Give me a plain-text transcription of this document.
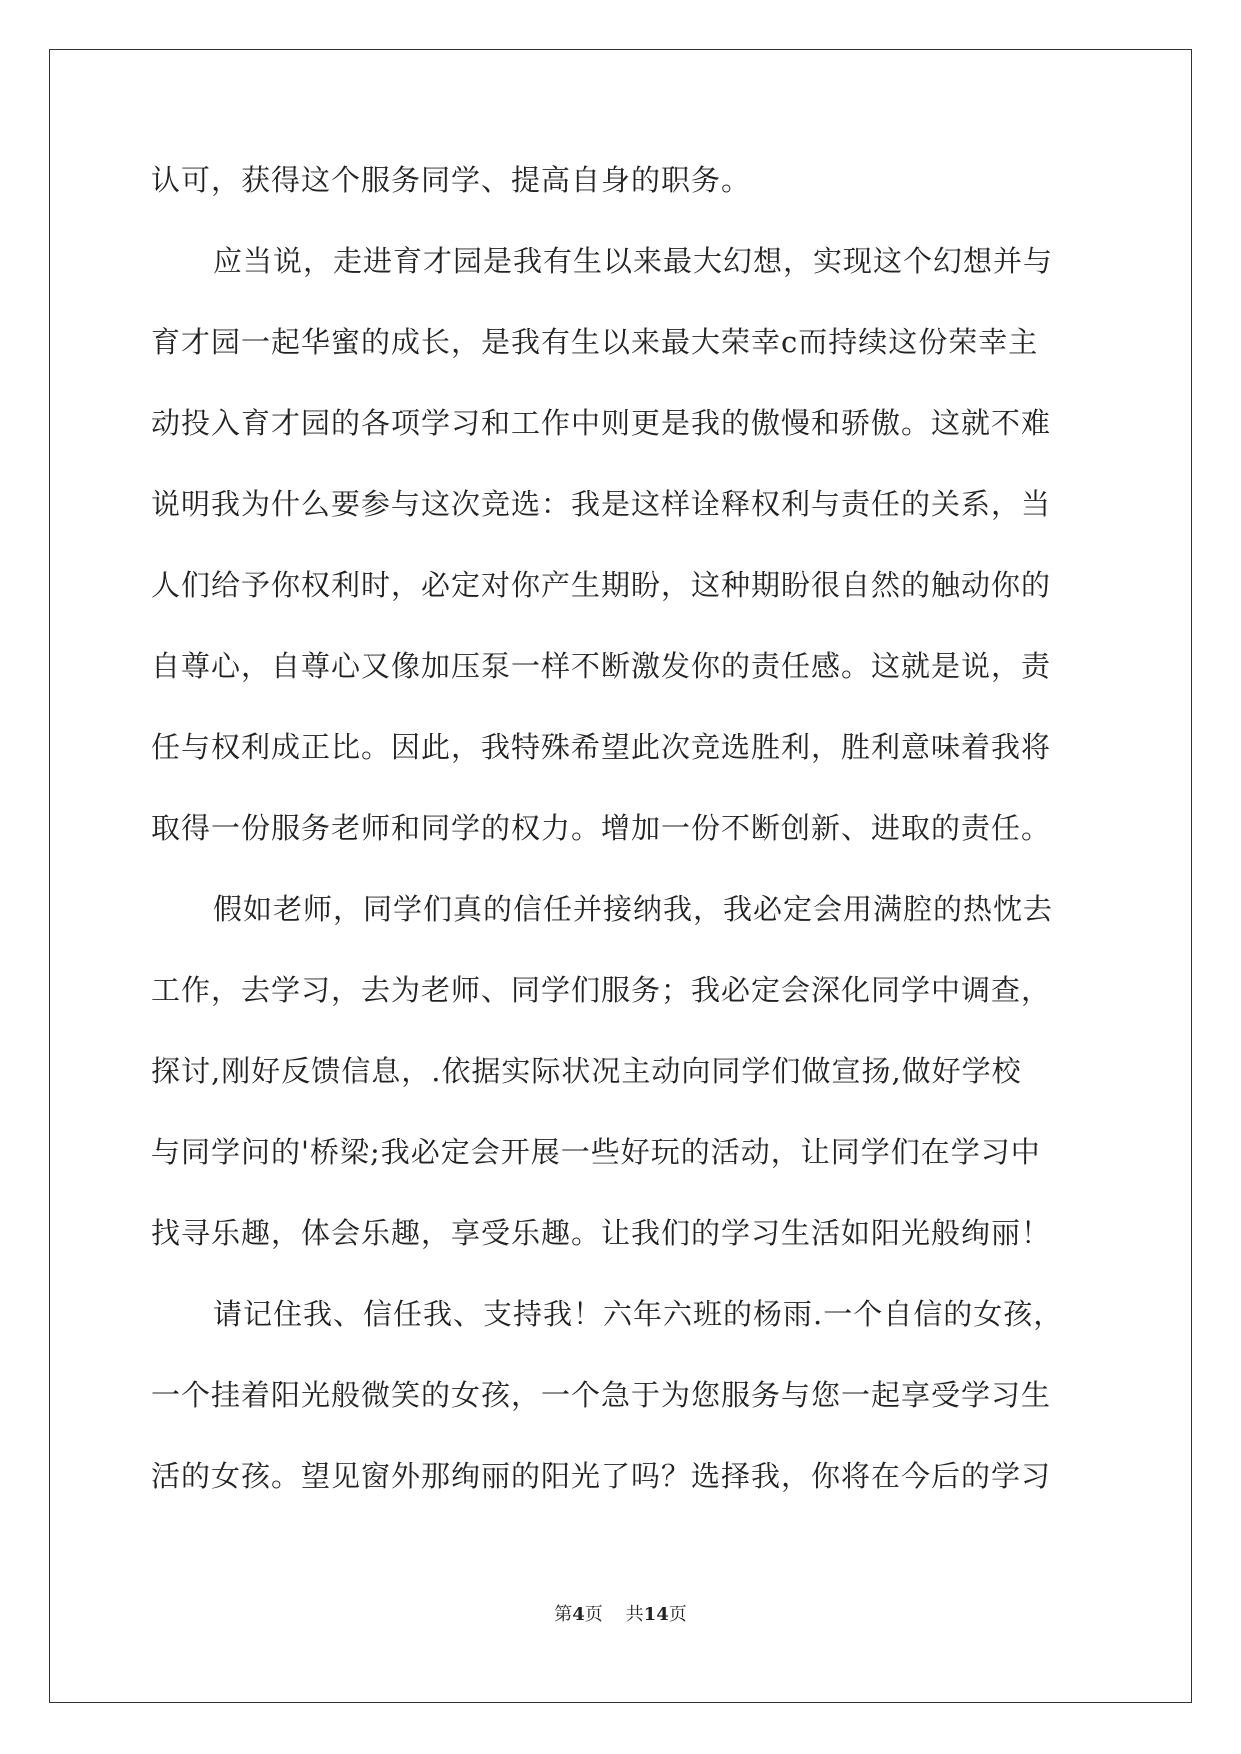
认可，获得这个服务同学、提高自身的职务。
应当说，走进育才园是我有生以来最大幻想，实现这个幻想并与
育才园一起华蜜的成长，是我有生以来最大荣幸c而持续这份荣幸主
动投入育才园的各项学习和工作中则更是我的傲慢和骄傲。这就不难
说明我为什么要参与这次竞选：我是这样诠释权利与责任的关系，当
人们给予你权利时，必定对你产生期盼，这种期盼很自然的触动你的
自尊心，自尊心又像加压泵一样不断激发你的责任感。这就是说，责
任与权利成正比。因此，我特殊希望此次竞选胜利，胜利意味着我将
取得一份服务老师和同学的权力。增加一份不断创新、进取的责任。
假如老师，同学们真的信任并接纳我，我必定会用满腔的热忱去
工作，去学习，去为老师、同学们服务；我必定会深化同学中调查，
探讨,刚好反馈信息，.依据实际状况主动向同学们做宣扬,做好学校
与同学问的'桥梁;我必定会开展一些好玩的活动，让同学们在学习中
找寻乐趣，体会乐趣，享受乐趣。让我们的学习生活如阳光般绚丽！
请记住我、信任我、支持我！六年六班的杨雨.一个自信的女孩，
一个挂着阳光般微笑的女孩，一个急于为您服务与您一起享受学习生
活的女孩。望见窗外那绚丽的阳光了吗？选择我，你将在今后的学习
第4页 共14页
